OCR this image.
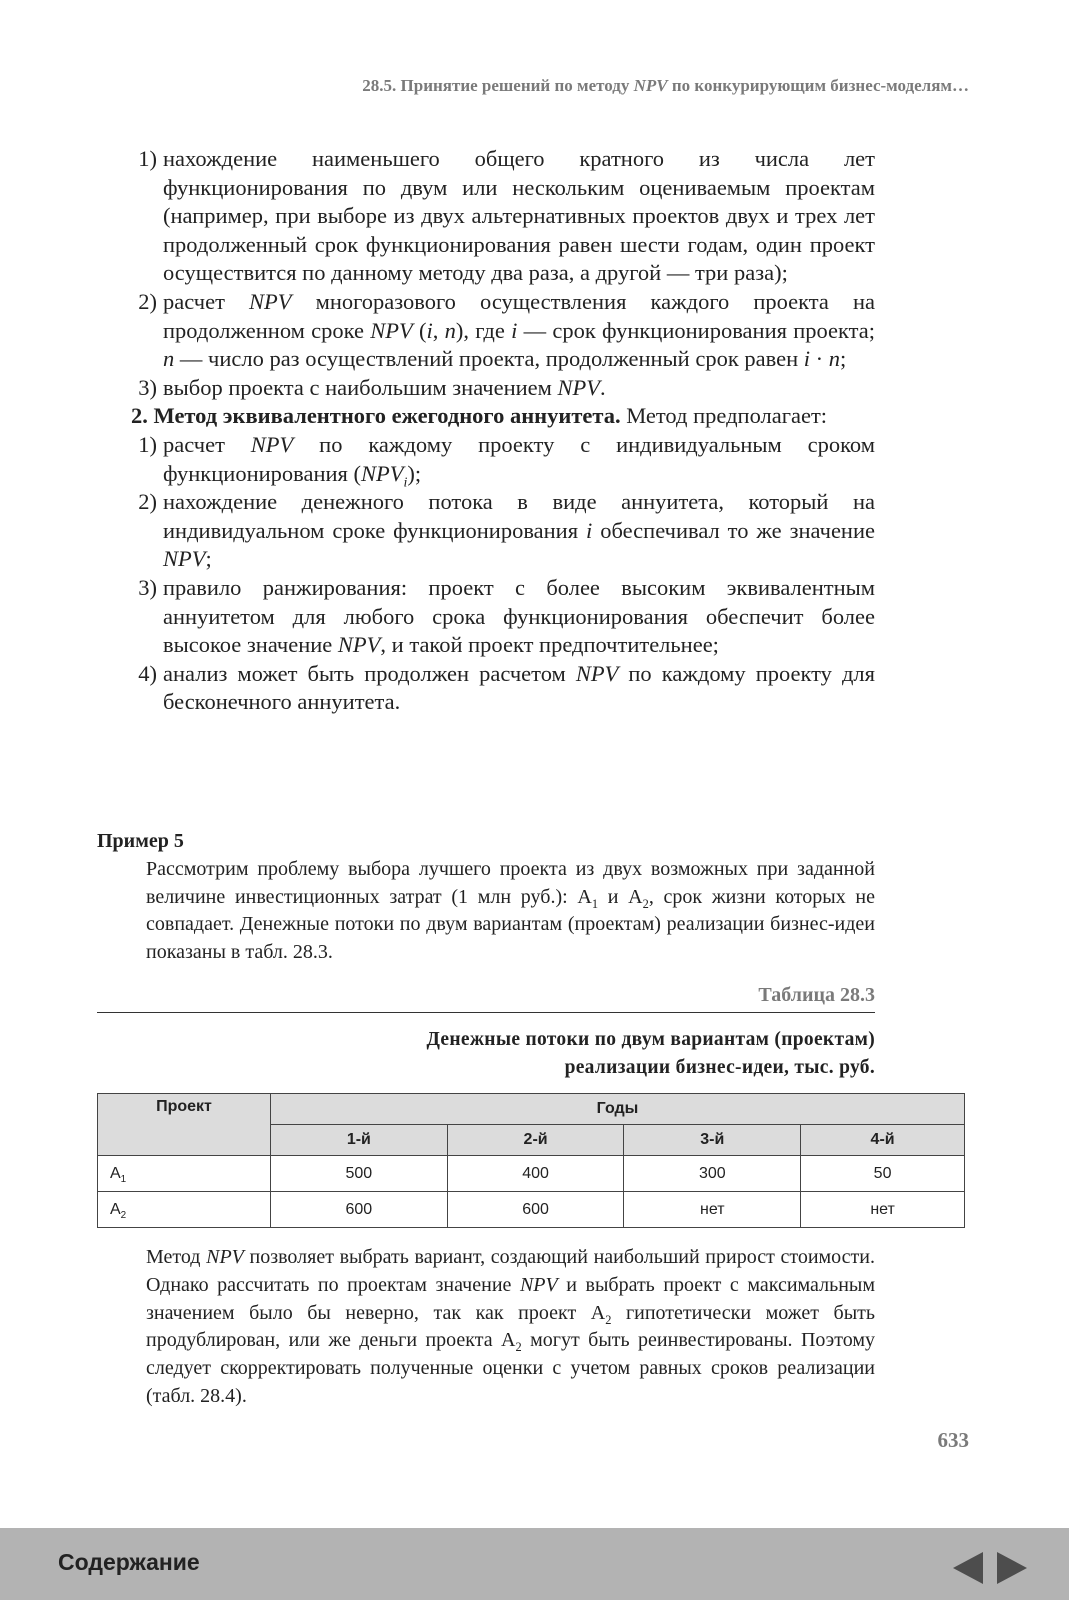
28.5. Принятие решений по методу NPV по конкурирующим бизнес-моделям…
1) нахождение наименьшего общего кратного из числа лет функционирования по двум или нескольким оцениваемым проектам (например, при выборе из двух альтернативных проектов двух и трех лет продолженный срок функционирования равен шести годам, один проект осуществится по данному методу два раза, а другой — три раза);
2) расчет NPV многоразового осуществления каждого проекта на продолженном сроке NPV (i, n), где i — срок функционирования проекта; n — число раз осуществлений проекта, продолженный срок равен i · n;
3) выбор проекта с наибольшим значением NPV.
2. Метод эквивалентного ежегодного аннуитета. Метод предполагает:
1) расчет NPV по каждому проекту с индивидуальным сроком функционирования $(NPV_i)$;
2) нахождение денежного потока в виде аннуитета, который на индивидуальном сроке функционирования i обеспечивал то же значение NPV;
3) правило ранжирования: проект с более высоким эквивалентным аннуитетом для любого срока функционирования обеспечит более высокое значение NPV, и такой проект предпочтительнее;
4) анализ может быть продолжен расчетом NPV по каждому проекту для бесконечного аннуитета.
Пример 5
Рассмотрим проблему выбора лучшего проекта из двух возможных при заданной величине инвестиционных затрат (1 млн руб.): $А_1$ и $А_2$, срок жизни которых не совпадает. Денежные потоки по двум вариантам (проектам) реализации бизнес-идеи показаны в табл. 28.3.
Таблица 28.3
Денежные потоки по двум вариантам (проектам)
реализации бизнес-идеи, тыс. руб.
Проект	Годы			
	1-й	2-й	3-й	4-й
$А_1$	500	400	300	50
$А_2$	600	600	нет	нет
Метод NPV позволяет выбрать вариант, создающий наибольший прирост стоимости. Однако рассчитать по проектам значение NPV и выбрать проект с максимальным значением было бы неверно, так как проект $А_2$ гипотетически может быть продублирован, или же деньги проекта $А_2$ могут быть реинвестированы. Поэтому следует скорректировать полученные оценки с учетом равных сроков реализации (табл. 28.4).
633
Содержание
